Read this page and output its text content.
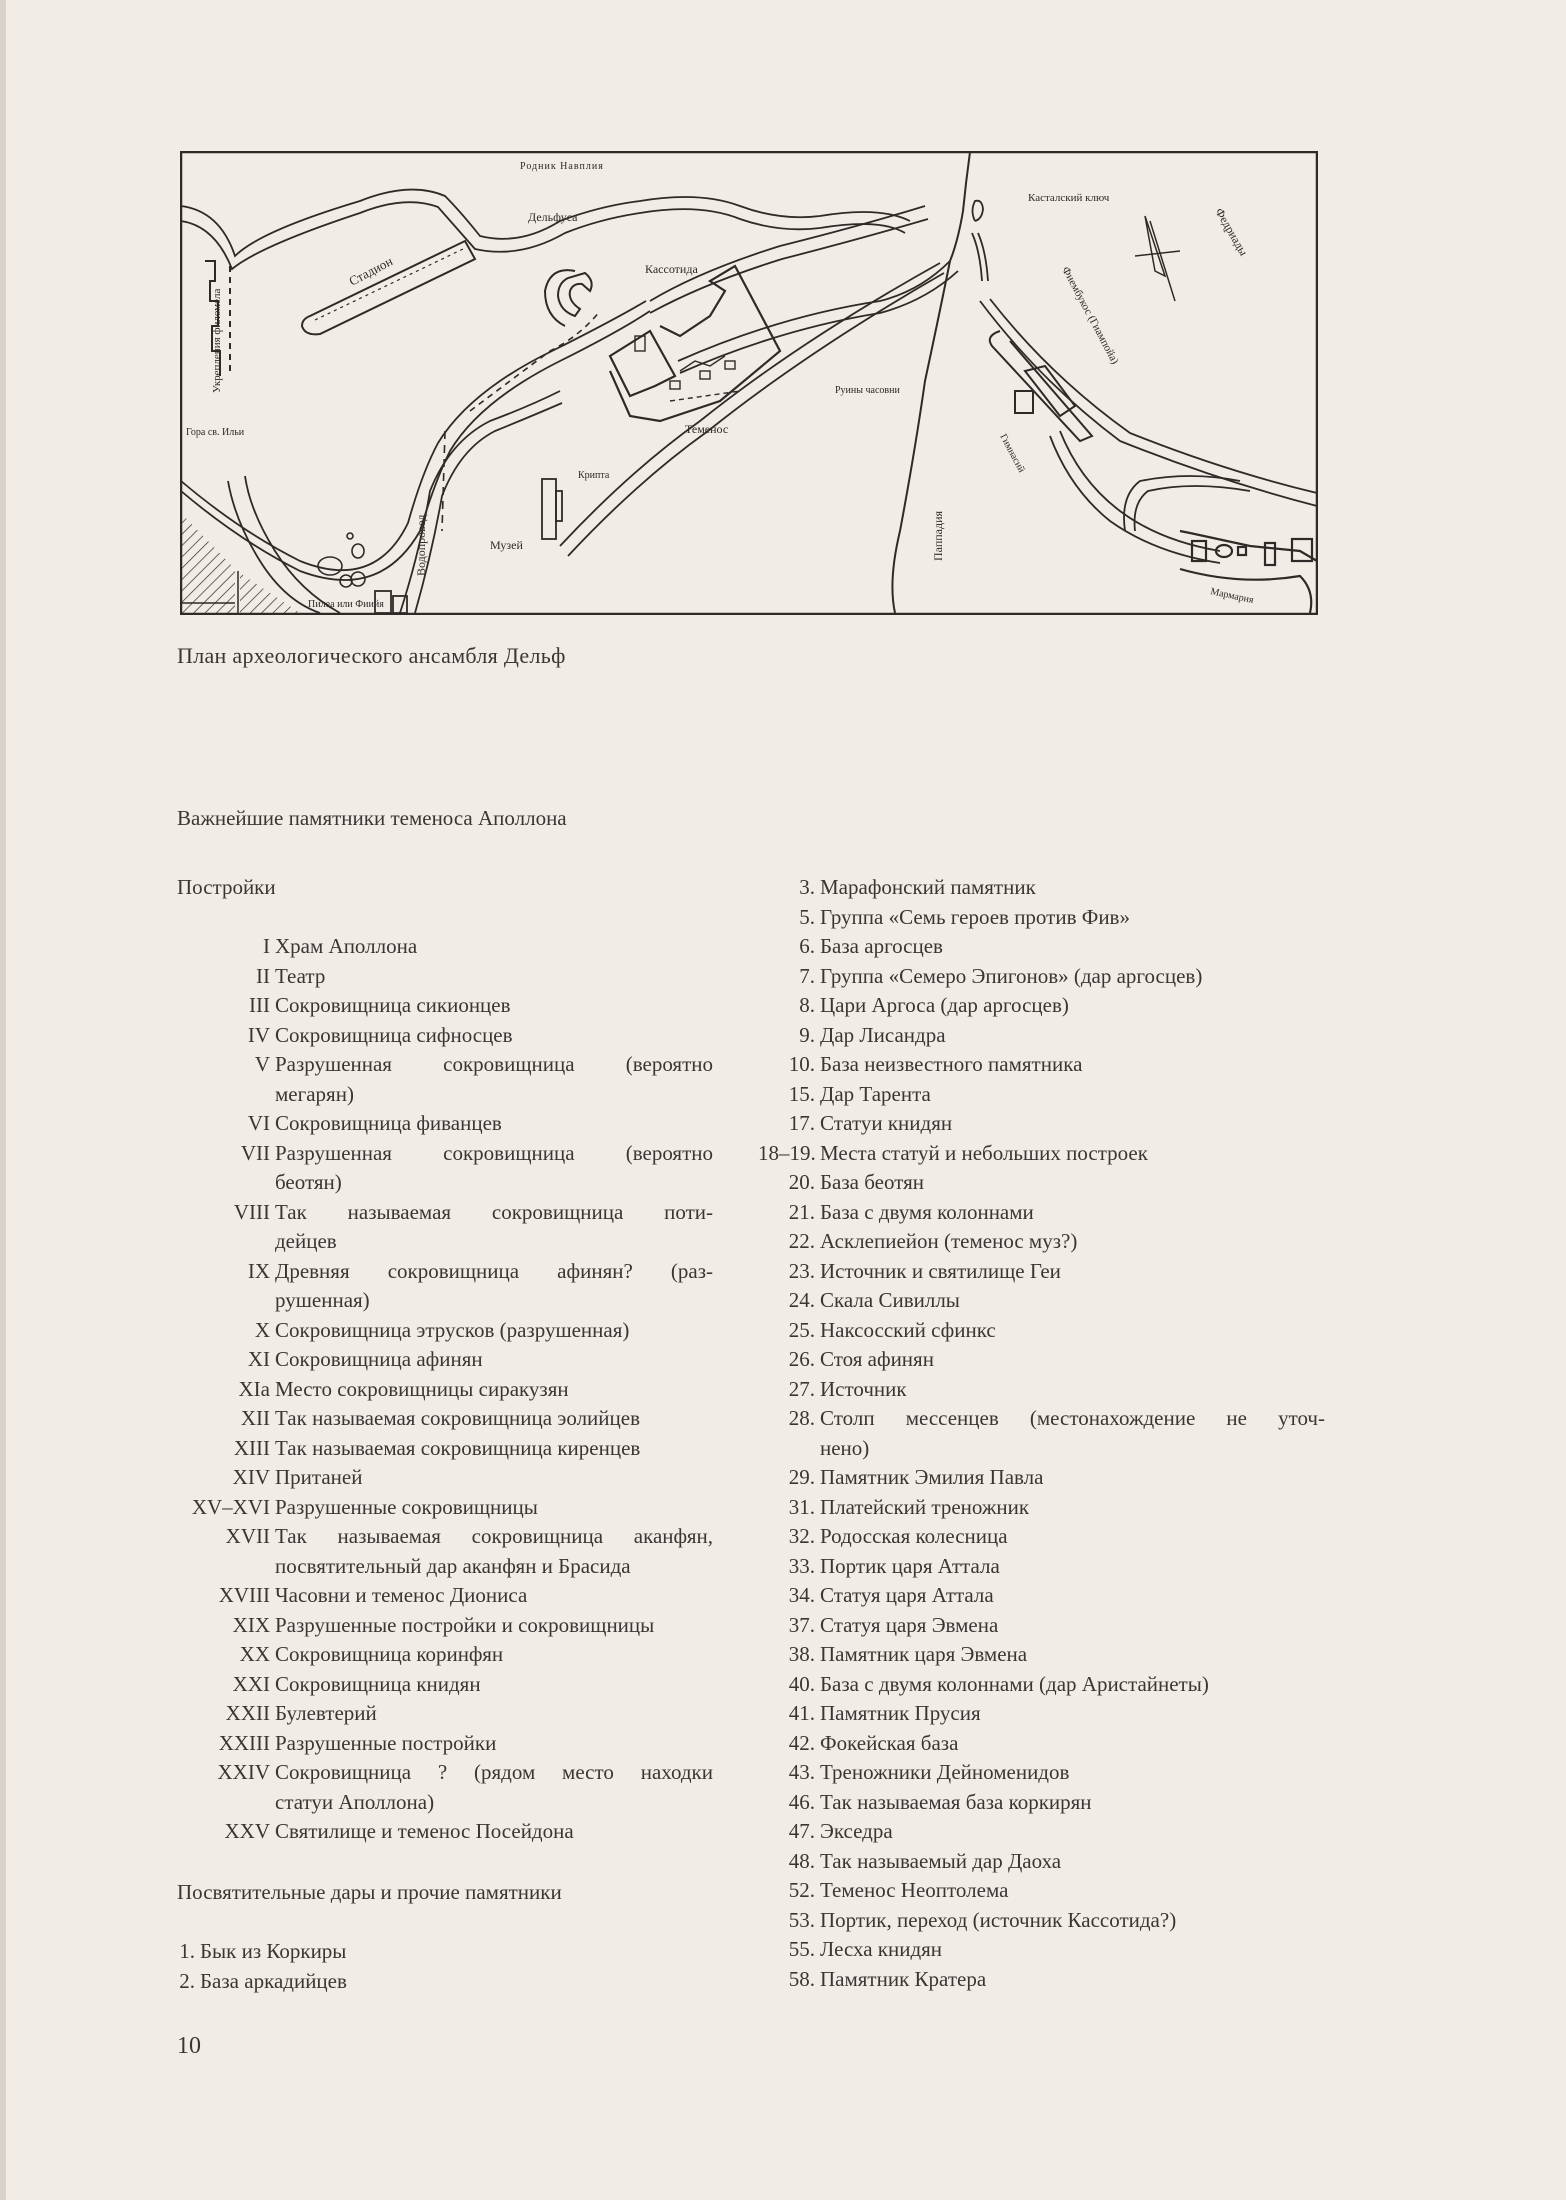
Родник Навплия
Дельфуса
Кассотида
Касталский ключ
Федриады
Стадион
Укрепления филомела
Гора св. Ильи	Теменос
Руины часовни
Крипта
Музей
Водопровод
Пилеа или Фиийя
Паппадия
Фиембукос (Гиампойа)
Гимнасий
Мармария
План археологического ансамбля Дельф
Важнейшие памятники теменоса Аполлона
Постройки
I Храм Аполлона
II Театр
III Сокровищница сикионцев
IV Сокровищница сифносцев
V Разрушенная сокровищница (вероятно
мегарян)
VI Сокровищница фиванцев
VII Разрушенная сокровищница (вероятно
беотян)
VIII Так называемая сокровищница поти-
дейцев
IX Древняя сокровищница афинян? (раз-
рушенная)
X Сокровищница этрусков (разрушенная)
XI Сокровищница афинян
XIa Место сокровищницы сиракузян
XII Так называемая сокровищница эолийцев
XIII Так называемая сокровищница киренцев
XIV Пританей
XV–XVI Разрушенные сокровищницы
XVII Так называемая сокровищница аканфян,
посвятительный дар аканфян и Брасида
XVIII Часовни и теменос Диониса
XIX Разрушенные постройки и сокровищницы
XX Сокровищница коринфян
XXI Сокровищница книдян
XXII Булевтерий
XXIII Разрушенные постройки
XXIV Сокровищница ? (рядом место находки
статуи Аполлона)
XXV Святилище и теменос Посейдона
Посвятительные дары и прочие памятники
1. Бык из Коркиры
2. База аркадийцев
3. Марафонский памятник
5. Группа «Семь героев против Фив»
6. База аргосцев
7. Группа «Семеро Эпигонов» (дар аргосцев)
8. Цари Аргоса (дар аргосцев)
9. Дар Лисандра
10. База неизвестного памятника
15. Дар Тарента
17. Статуи книдян
18–19. Места статуй и небольших построек
20. База беотян
21. База с двумя колоннами
22. Асклепиейон (теменос муз?)
23. Источник и святилище Геи
24. Скала Сивиллы
25. Наксосский сфинкс
26. Стоя афинян
27. Источник
28. Столп мессенцев (местонахождение не уточ-
нено)
29. Памятник Эмилия Павла
31. Платейский треножник
32. Родосская колесница
33. Портик царя Аттала
34. Статуя царя Аттала
37. Статуя царя Эвмена
38. Памятник царя Эвмена
40. База с двумя колоннами (дар Аристайнеты)
41. Памятник Прусия
42. Фокейская база
43. Треножники Дейноменидов
46. Так называемая база коркирян
47. Экседра
48. Так называемый дар Даоха
52. Теменос Неоптолема
53. Портик, переход (источник Кассотида?)
55. Лесха книдян
58. Памятник Кратера
10
